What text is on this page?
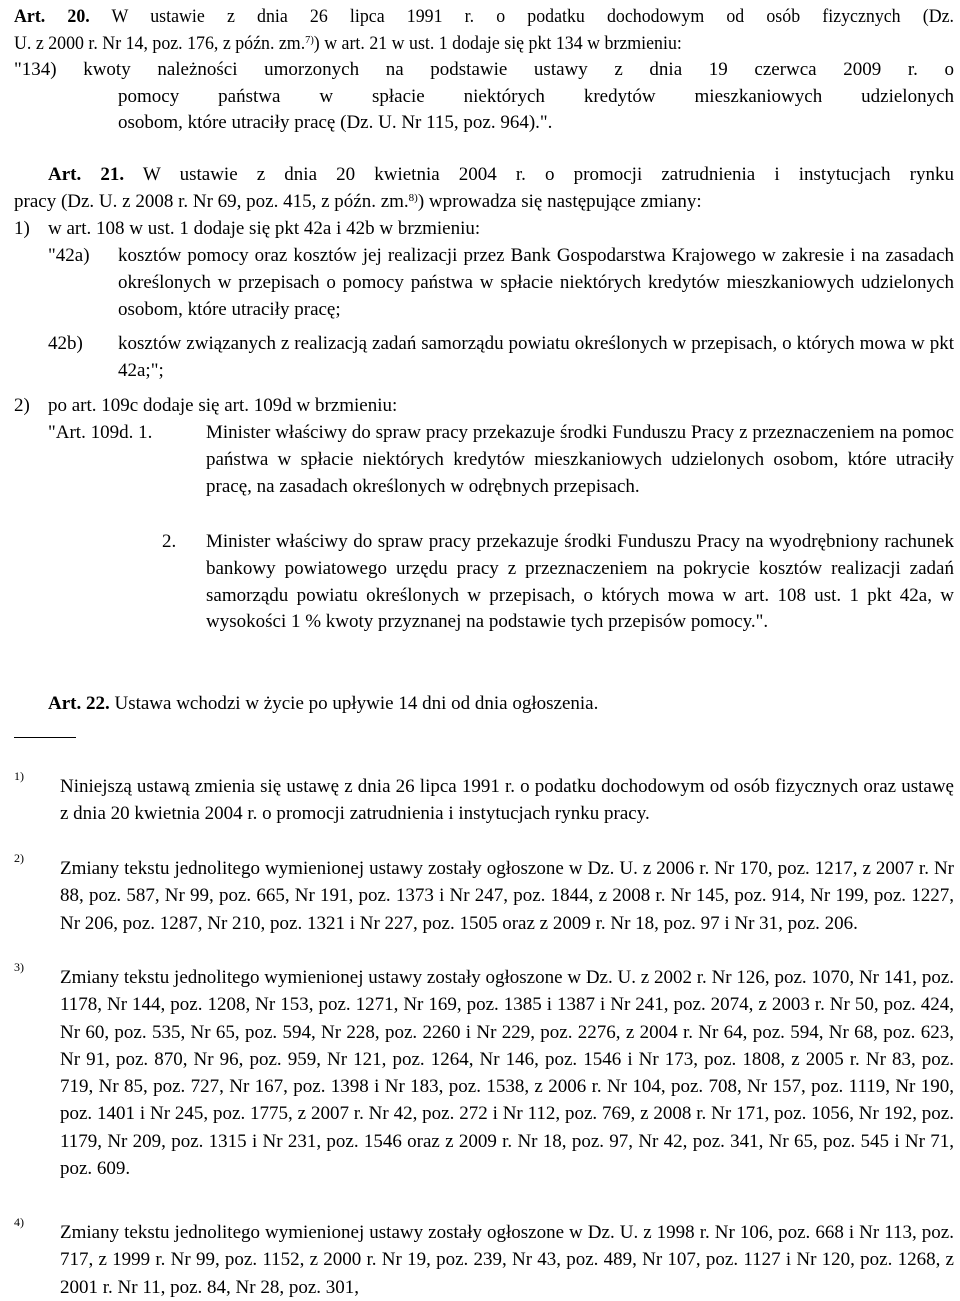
Art. 20. W ustawie z dnia 26 lipca 1991 r. o podatku dochodowym od osób fizycznych (Dz.

U. z 2000 r. Nr 14, poz. 176, z późn. zm.$^{7)}$) w art. 21 w ust. 1 dodaje się pkt 134 w brzmieniu:

"134) kwoty należności umorzonych na podstawie ustawy z dnia 19 czerwca 2009 r. o

pomocy państwa w spłacie niektórych kredytów mieszkaniowych udzielonych

osobom, które utraciły pracę (Dz. U. Nr 115, poz. 964).".

Art. 21. W ustawie z dnia 20 kwietnia 2004 r. o promocji zatrudnienia i instytucjach rynku

pracy (Dz. U. z 2008 r. Nr 69, poz. 415, z późn. zm.$^{8)}$) wprowadza się następujące zmiany:

1) w art. 108 w ust. 1 dodaje się pkt 42a i 42b w brzmieniu:
"42a) kosztów pomocy oraz kosztów jej realizacji przez Bank Gospodarstwa Krajowego w zakresie i na zasadach określonych w przepisach o pomocy państwa w spłacie niektórych kredytów mieszkaniowych udzielonych osobom, które utraciły pracę;

42b) kosztów związanych z realizacją zadań samorządu powiatu określonych w przepisach, o których mowa w pkt 42a;";

2) po art. 109c dodaje się art. 109d w brzmieniu:
"Art. 109d. 1.	Minister właściwy do spraw pracy przekazuje środki Funduszu Pracy z przeznaczeniem na pomoc państwa w spłacie niektórych kredytów mieszkaniowych udzielonych osobom, które utraciły pracę, na zasadach określonych w odrębnych przepisach.

2. Minister właściwy do spraw pracy przekazuje środki Funduszu Pracy na wyodrębniony rachunek bankowy powiatowego urzędu pracy z przeznaczeniem na pokrycie kosztów realizacji zadań samorządu powiatu określonych w przepisach, o których mowa w art. 108 ust. 1 pkt 42a, w wysokości 1 % kwoty przyznanej na podstawie tych przepisów pomocy.".

Art. 22. Ustawa wchodzi w życie po upływie 14 dni od dnia ogłoszenia.
1) Niniejszą ustawą zmienia się ustawę z dnia 26 lipca 1991 r. o podatku dochodowym od osób fizycznych oraz ustawę z dnia 20 kwietnia 2004 r. o promocji zatrudnienia i instytucjach rynku pracy.

2) Zmiany tekstu jednolitego wymienionej ustawy zostały ogłoszone w Dz. U. z 2006 r. Nr 170, poz. 1217, z 2007 r. Nr 88, poz. 587, Nr 99, poz. 665, Nr 191, poz. 1373 i Nr 247, poz. 1844, z 2008 r. Nr 145, poz. 914, Nr 199, poz. 1227, Nr 206, poz. 1287, Nr 210, poz. 1321 i Nr 227, poz. 1505 oraz z 2009 r. Nr 18, poz. 97 i Nr 31, poz. 206.

3) Zmiany tekstu jednolitego wymienionej ustawy zostały ogłoszone w Dz. U. z 2002 r. Nr 126, poz. 1070, Nr 141, poz. 1178, Nr 144, poz. 1208, Nr 153, poz. 1271, Nr 169, poz. 1385 i 1387 i Nr 241, poz. 2074, z 2003 r. Nr 50, poz. 424, Nr 60, poz. 535, Nr 65, poz. 594, Nr 228, poz. 2260 i Nr 229, poz. 2276, z 2004 r. Nr 64, poz. 594, Nr 68, poz. 623, Nr 91, poz. 870, Nr 96, poz. 959, Nr 121, poz. 1264, Nr 146, poz. 1546 i Nr 173, poz. 1808, z 2005 r. Nr 83, poz. 719, Nr 85, poz. 727, Nr 167, poz. 1398 i Nr 183, poz. 1538, z 2006 r. Nr 104, poz. 708, Nr 157, poz. 1119, Nr 190, poz. 1401 i Nr 245, poz. 1775, z 2007 r. Nr 42, poz. 272 i Nr 112, poz. 769, z 2008 r. Nr 171, poz. 1056, Nr 192, poz. 1179, Nr 209, poz. 1315 i Nr 231, poz. 1546 oraz z 2009 r. Nr 18, poz. 97, Nr 42, poz. 341, Nr 65, poz. 545 i Nr 71, poz. 609.

4) Zmiany tekstu jednolitego wymienionej ustawy zostały ogłoszone w Dz. U. z 1998 r. Nr 106, poz. 668 i Nr 113, poz. 717, z 1999 r. Nr 99, poz. 1152, z 2000 r. Nr 19, poz. 239, Nr 43, poz. 489, Nr 107, poz. 1127 i Nr 120, poz. 1268, z 2001 r. Nr 11, poz. 84, Nr 28, poz. 301,
